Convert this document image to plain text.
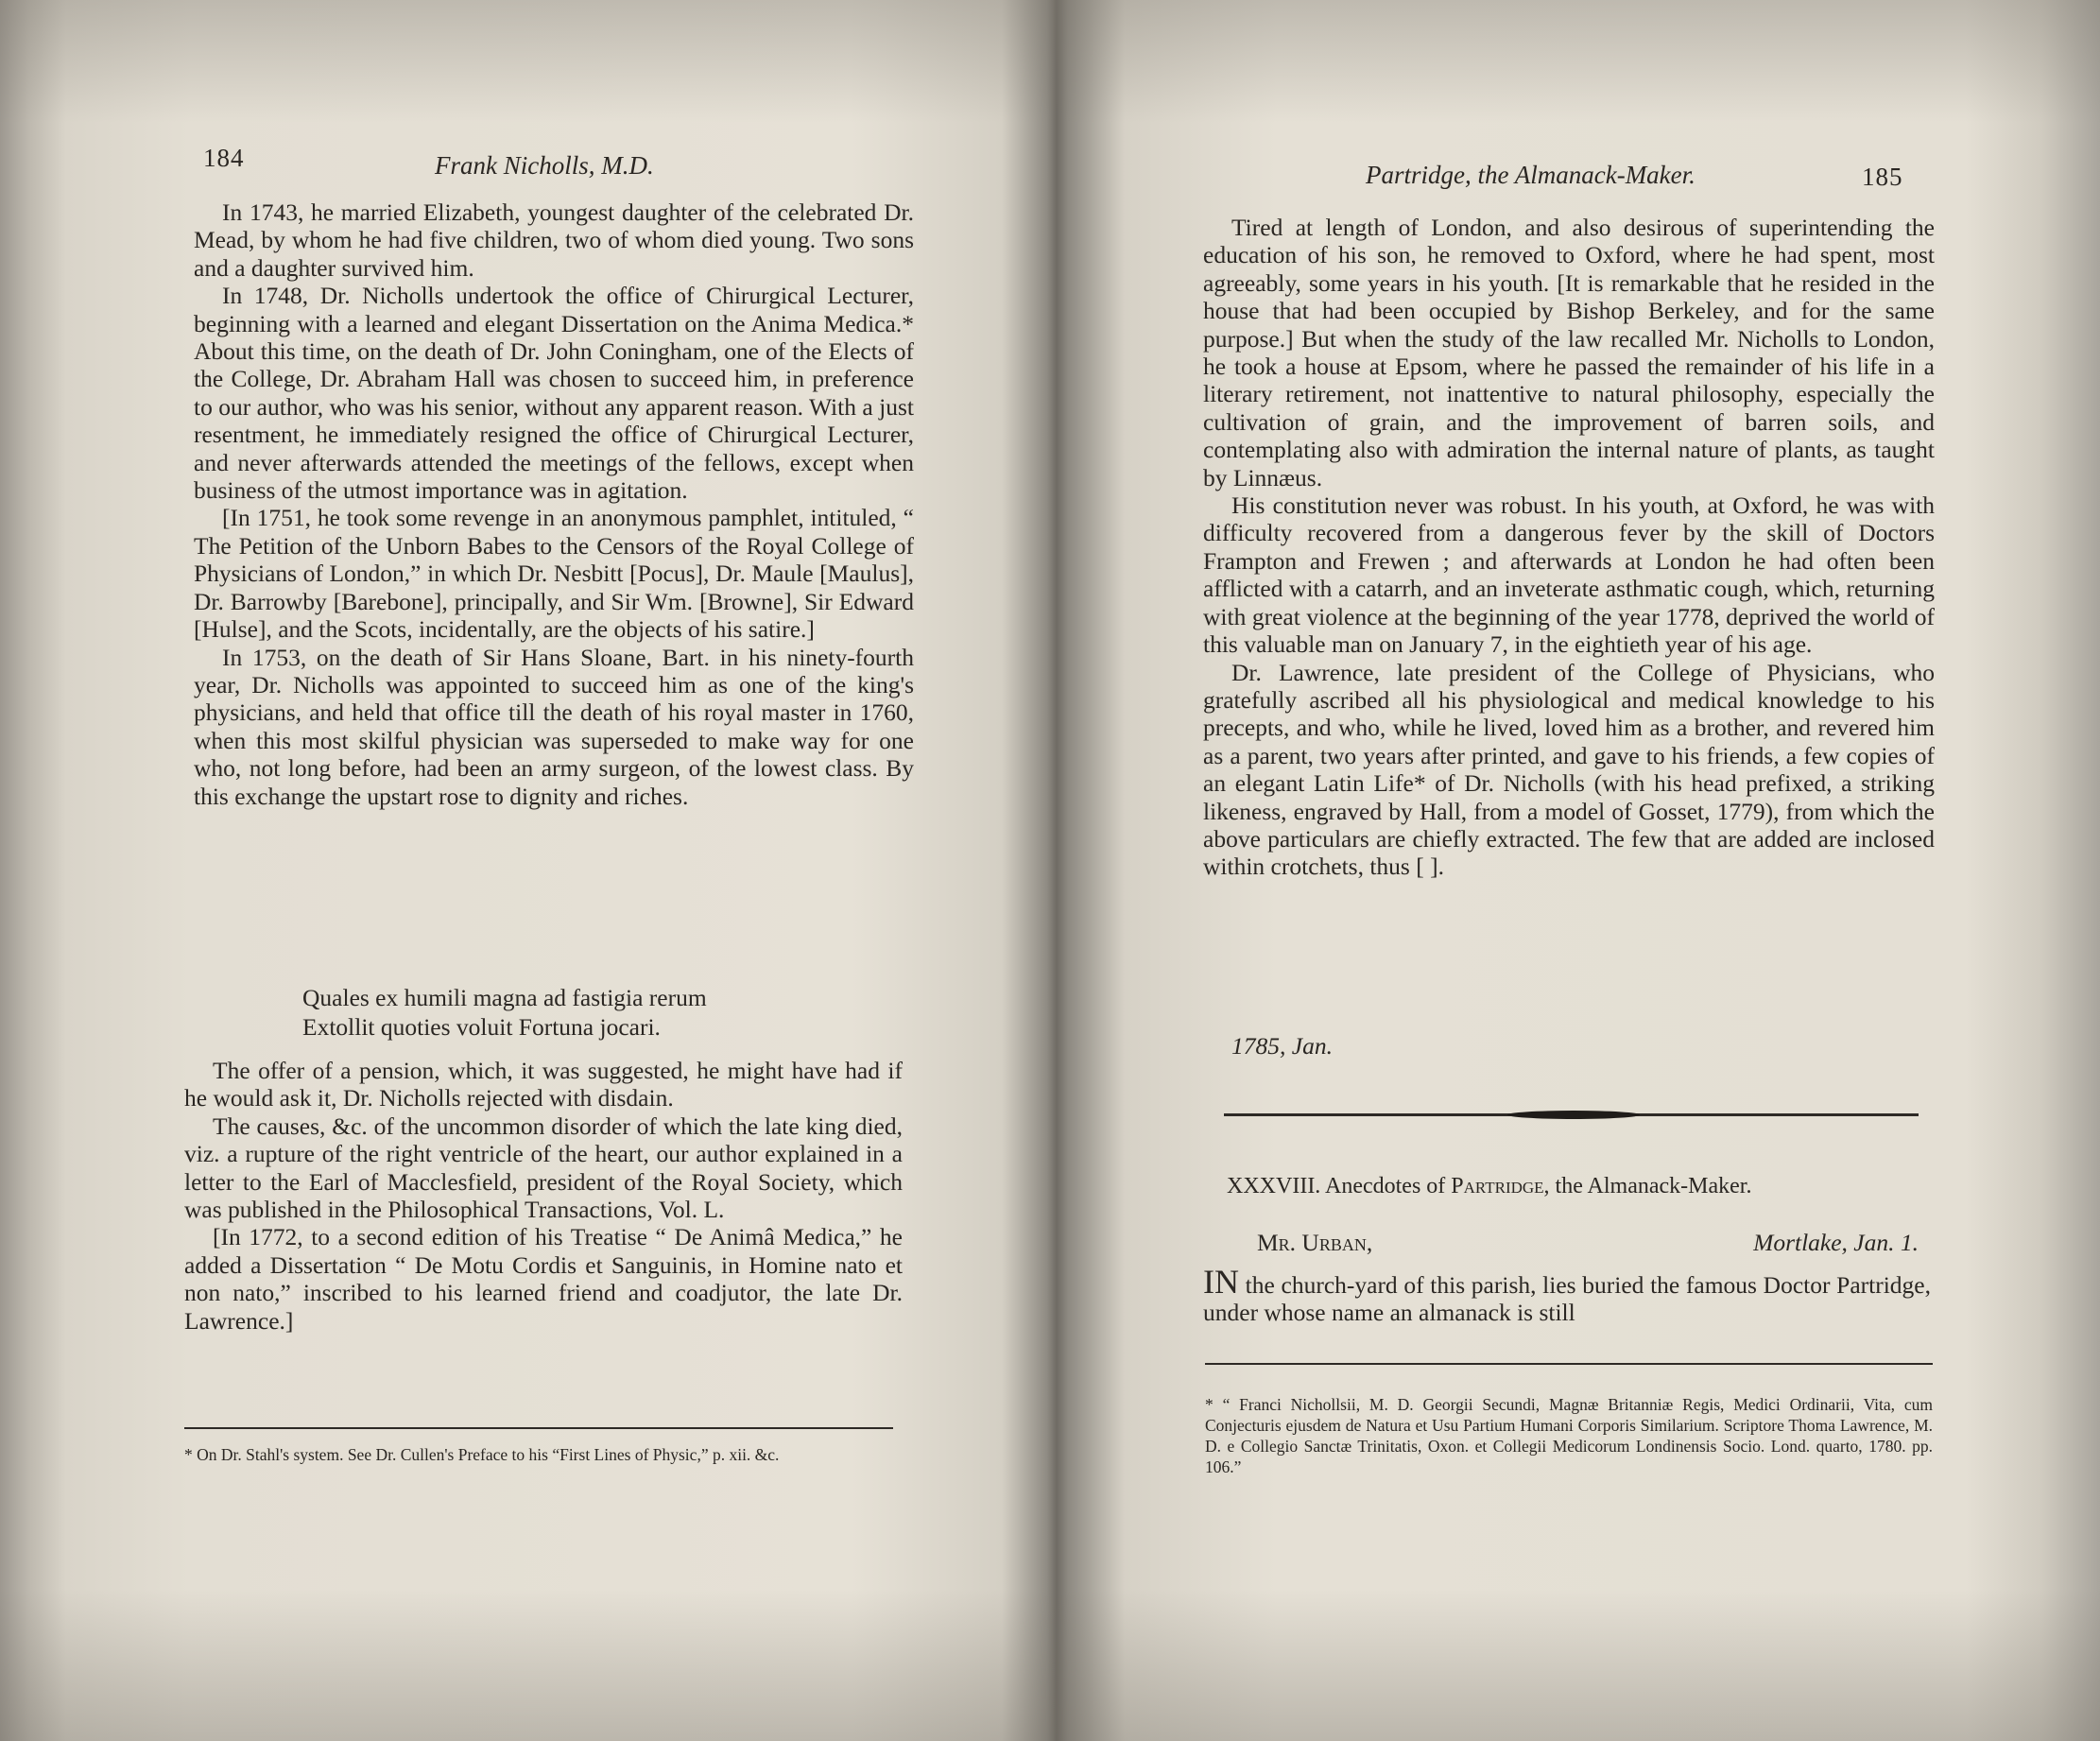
184	Frank Nicholls, M.D.

In 1743, he married Elizabeth, youngest daughter of the celebrated Dr. Mead, by whom he had five children, two of whom died young. Two sons and a daughter survived him.

In 1748, Dr. Nicholls undertook the office of Chirurgical Lecturer, beginning with a learned and elegant Dissertation on the Anima Medica.* About this time, on the death of Dr. John Coningham, one of the Elects of the College, Dr. Abraham Hall was chosen to succeed him, in preference to our author, who was his senior, without any apparent reason. With a just resentment, he immediately resigned the office of Chirurgical Lecturer, and never afterwards attended the meetings of the fellows, except when business of the utmost importance was in agitation.

[In 1751, he took some revenge in an anonymous pamphlet, intituled, “ The Petition of the Unborn Babes to the Censors of the Royal College of Physicians of London,” in which Dr. Nesbitt [Pocus], Dr. Maule [Maulus], Dr. Barrowby [Barebone], principally, and Sir Wm. [Browne], Sir Edward [Hulse], and the Scots, incidentally, are the objects of his satire.]

In 1753, on the death of Sir Hans Sloane, Bart. in his ninety-fourth year, Dr. Nicholls was appointed to succeed him as one of the king's physicians, and held that office till the death of his royal master in 1760, when this most skilful physician was superseded to make way for one who, not long before, had been an army surgeon, of the lowest class. By this exchange the upstart rose to dignity and riches.

Quales ex humili magna ad fastigia rerum
Extollit quoties voluit Fortuna jocari.

The offer of a pension, which, it was suggested, he might have had if he would ask it, Dr. Nicholls rejected with disdain.

The causes, &c. of the uncommon disorder of which the late king died, viz. a rupture of the right ventricle of the heart, our author explained in a letter to the Earl of Macclesfield, president of the Royal Society, which was published in the Philosophical Transactions, Vol. L.

[In 1772, to a second edition of his Treatise “ De Animâ Medica,” he added a Dissertation “ De Motu Cordis et Sanguinis, in Homine nato et non nato,” inscribed to his learned friend and coadjutor, the late Dr. Lawrence.]

* On Dr. Stahl's system. See Dr. Cullen's Preface to his “First Lines of Physic,” p. xii. &c.

Partridge, the Almanack-Maker.	185

Tired at length of London, and also desirous of superintending the education of his son, he removed to Oxford, where he had spent, most agreeably, some years in his youth. [It is remarkable that he resided in the house that had been occupied by Bishop Berkeley, and for the same purpose.] But when the study of the law recalled Mr. Nicholls to London, he took a house at Epsom, where he passed the remainder of his life in a literary retirement, not inattentive to natural philosophy, especially the cultivation of grain, and the improvement of barren soils, and contemplating also with admiration the internal nature of plants, as taught by Linnæus.

His constitution never was robust. In his youth, at Oxford, he was with difficulty recovered from a dangerous fever by the skill of Doctors Frampton and Frewen ; and afterwards at London he had often been afflicted with a catarrh, and an inveterate asthmatic cough, which, returning with great violence at the beginning of the year 1778, deprived the world of this valuable man on January 7, in the eightieth year of his age.

Dr. Lawrence, late president of the College of Physicians, who gratefully ascribed all his physiological and medical knowledge to his precepts, and who, while he lived, loved him as a brother, and revered him as a parent, two years after printed, and gave to his friends, a few copies of an elegant Latin Life* of Dr. Nicholls (with his head prefixed, a striking likeness, engraved by Hall, from a model of Gosset, 1779), from which the above particulars are chiefly extracted. The few that are added are inclosed within crotchets, thus [ ].

1785, Jan.
XXXVIII. Anecdotes of Partridge, the Almanack-Maker.
Mr. Urban,	Mortlake, Jan. 1.

IN the church-yard of this parish, lies buried the famous Doctor Partridge, under whose name an almanack is still

* “ Franci Nichollsii, M. D. Georgii Secundi, Magnæ Britanniæ Regis, Medici Ordinarii, Vita, cum Conjecturis ejusdem de Natura et Usu Partium Humani Corporis Similarium. Scriptore Thoma Lawrence, M. D. e Collegio Sanctæ Trinitatis, Oxon. et Collegii Medicorum Londinensis Socio. Lond. quarto, 1780. pp. 106.”
